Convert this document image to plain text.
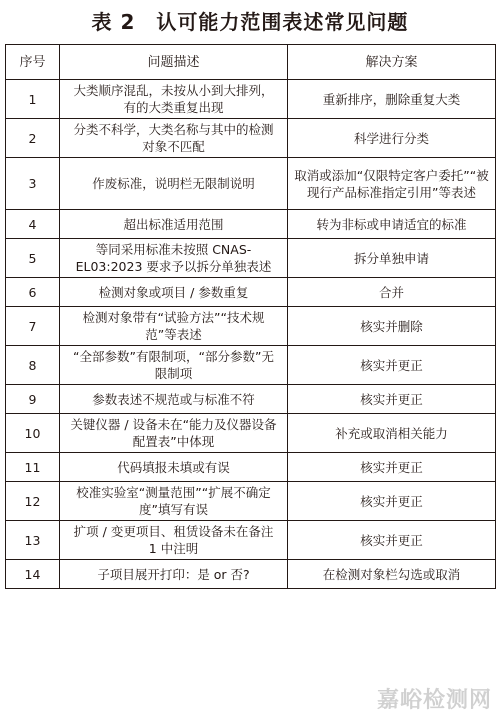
表 2　认可能力范围表述常见问题
序号	问题描述	解决方案
1	大类顺序混乱，未按从小到大排列，有的大类重复出现	重新排序，删除重复大类
2	分类不科学，大类名称与其中的检测对象不匹配	科学进行分类
3	作废标准，说明栏无限制说明	取消或添加“仅限特定客户委托”“被现行产品标准指定引用”等表述
4	超出标准适用范围	转为非标或申请适宜的标准
5	等同采用标准未按照 CNAS-EL03:2023 要求予以拆分单独表述	拆分单独申请
6	检测对象或项目 / 参数重复	合并
7	检测对象带有“试验方法”“技术规范”等表述	核实并删除
8	“全部参数”有限制项，“部分参数”无限制项	核实并更正
9	参数表述不规范或与标准不符	核实并更正
10	关键仪器 / 设备未在“能力及仪器设备配置表”中体现	补充或取消相关能力
11	代码填报未填或有误	核实并更正
12	校准实验室“测量范围”“扩展不确定度”填写有误	核实并更正
13	扩项 / 变更项目、租赁设备未在备注 1 中注明	核实并更正
14	子项目展开打印：是 or 否?	在检测对象栏勾选或取消
嘉峪检测网
